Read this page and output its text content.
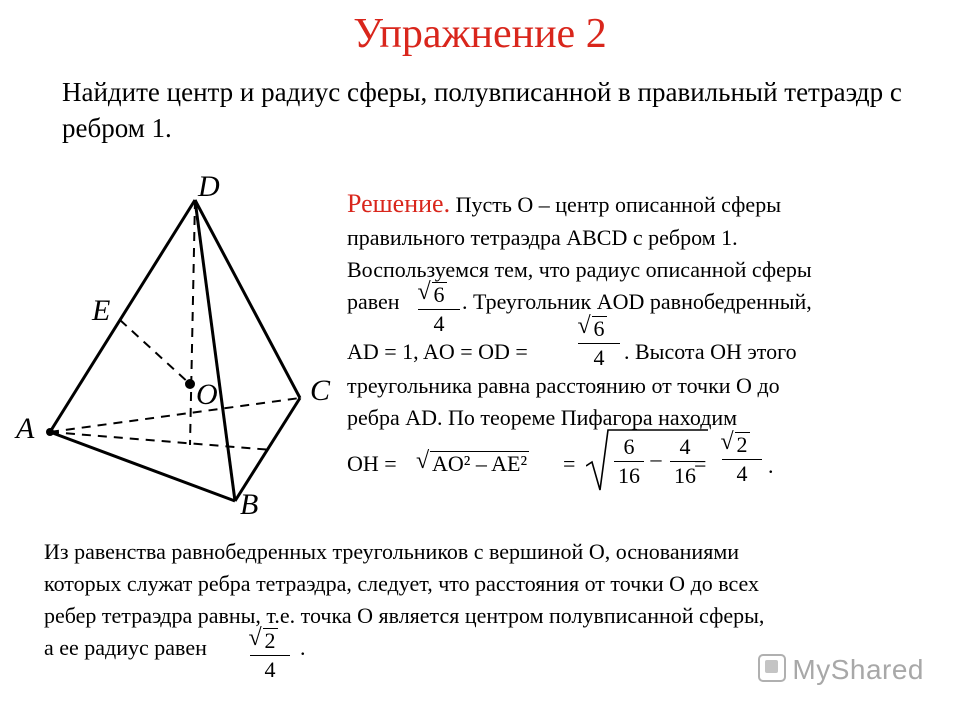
Упражнение 2
Найдите центр и радиус сферы, полувписанной в правильный тетраэдр с ребром 1.
D
E
O	C
A
B
Решение. Пусть O – центр описанной сферы
правильного тетраэдра ABCD с ребром 1.
Воспользуемся тем, что радиус описанной сферы
равен	√ 6
4
. Треугольник AOD равнобедренный,
AD = 1, AO = OD =
√ 6
4 . Высота OH этого
треугольника равна расстоянию от точки O до
ребра AD. По теореме Пифагора находим
OH = √ AO² – AE² =
6
16
– 4
16
=
√ 2
4 .
Из равенства равнобедренных треугольников с вершиной O, основаниями
которых служат ребра тетраэдра, следует, что расстояния от точки O до всех
ребер тетраэдра равны, т.е. точка O является центром полувписанной сферы,
а ее радиус равен	√ 2
4
.
MyShared
